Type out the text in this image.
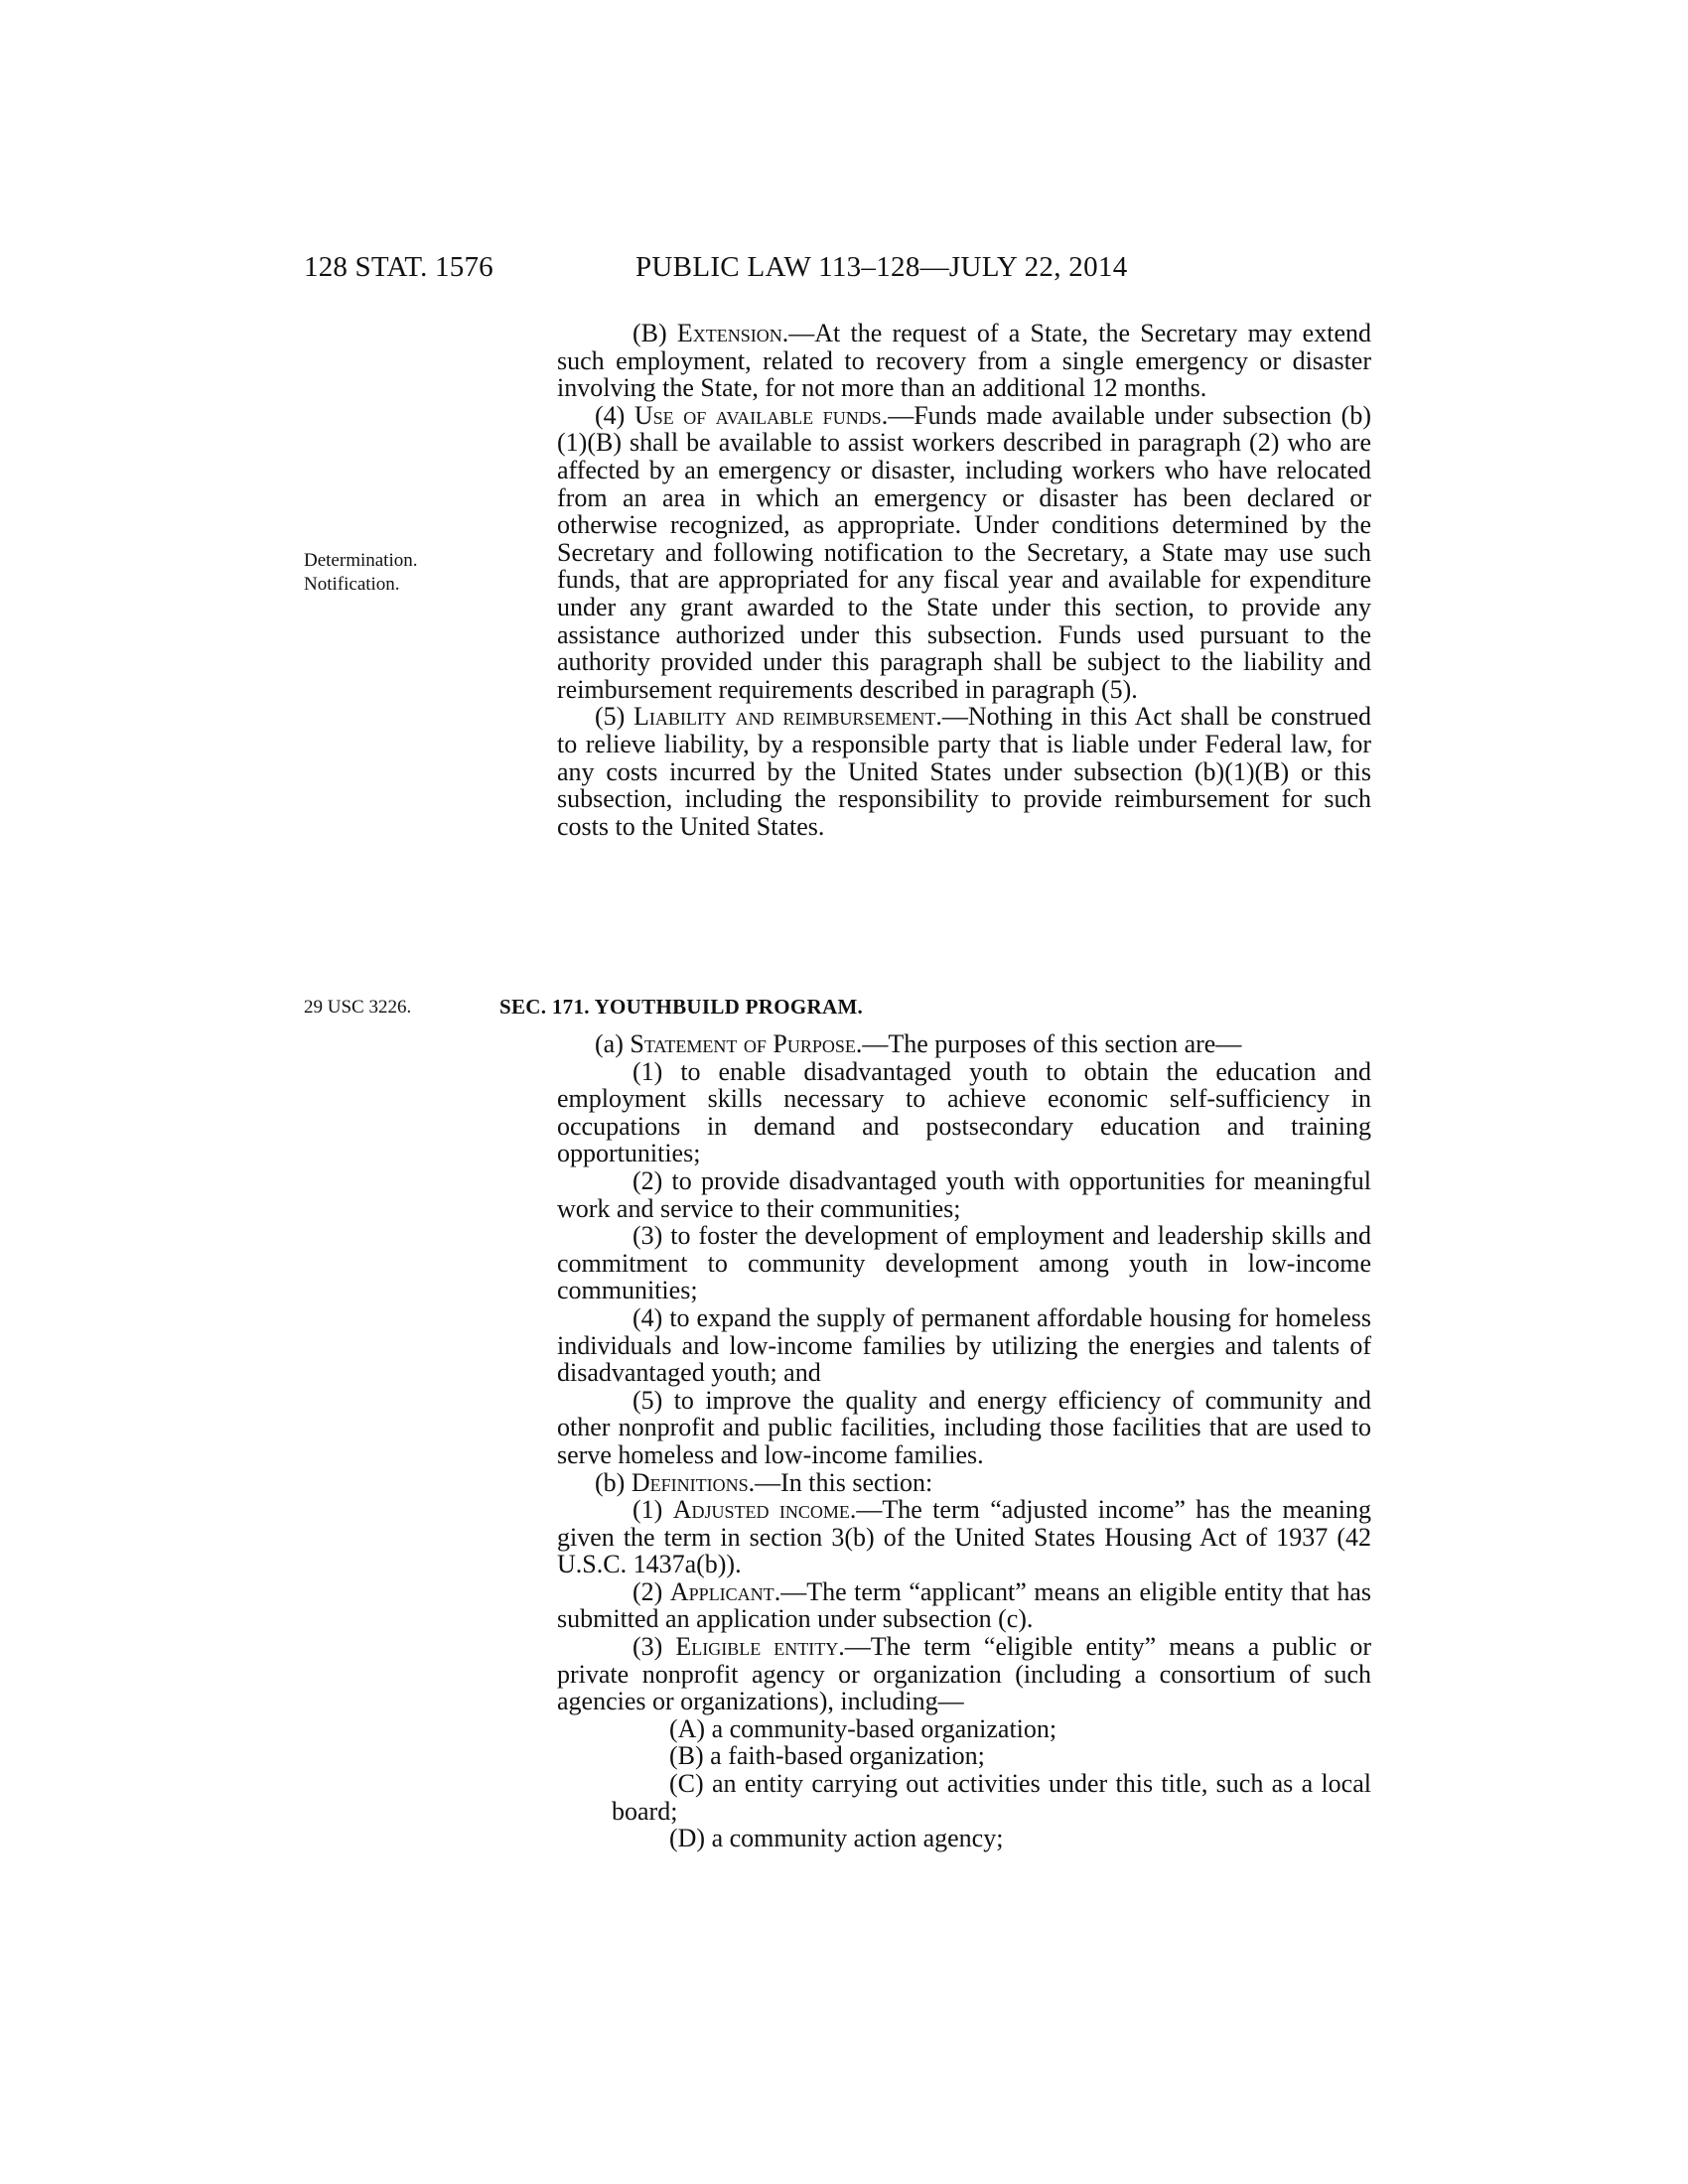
128 STAT. 1576	PUBLIC LAW 113–128—JULY 22, 2014
Determination.
Notification.
29 USC 3226.

(B) Extension.—At the request of a State, the Secretary may extend such employment, related to recovery from a single emergency or disaster involving the State, for not more than an additional 12 months.

(4) Use of available funds.—Funds made available under subsection (b)(1)(B) shall be available to assist workers described in paragraph (2) who are affected by an emergency or disaster, including workers who have relocated from an area in which an emergency or disaster has been declared or otherwise recognized, as appropriate. Under conditions determined by the Secretary and following notification to the Secretary, a State may use such funds, that are appropriated for any fiscal year and available for expenditure under any grant awarded to the State under this section, to provide any assistance authorized under this subsection. Funds used pursuant to the authority provided under this paragraph shall be subject to the liability and reimbursement requirements described in paragraph (5).

(5) Liability and reimbursement.—Nothing in this Act shall be construed to relieve liability, by a responsible party that is liable under Federal law, for any costs incurred by the United States under subsection (b)(1)(B) or this subsection, including the responsibility to provide reimbursement for such costs to the United States.

SEC. 171. YOUTHBUILD PROGRAM.

(a) Statement of Purpose.—The purposes of this section are—

(1) to enable disadvantaged youth to obtain the education and employment skills necessary to achieve economic self-sufficiency in occupations in demand and postsecondary education and training opportunities;

(2) to provide disadvantaged youth with opportunities for meaningful work and service to their communities;

(3) to foster the development of employment and leadership skills and commitment to community development among youth in low-income communities;

(4) to expand the supply of permanent affordable housing for homeless individuals and low-income families by utilizing the energies and talents of disadvantaged youth; and

(5) to improve the quality and energy efficiency of community and other nonprofit and public facilities, including those facilities that are used to serve homeless and low-income families.

(b) Definitions.—In this section:

(1) Adjusted income.—The term “adjusted income” has the meaning given the term in section 3(b) of the United States Housing Act of 1937 (42 U.S.C. 1437a(b)).

(2) Applicant.—The term “applicant” means an eligible entity that has submitted an application under subsection (c).

(3) Eligible entity.—The term “eligible entity” means a public or private nonprofit agency or organization (including a consortium of such agencies or organizations), including—

(A) a community-based organization;

(B) a faith-based organization;

(C) an entity carrying out activities under this title, such as a local board;

(D) a community action agency;
